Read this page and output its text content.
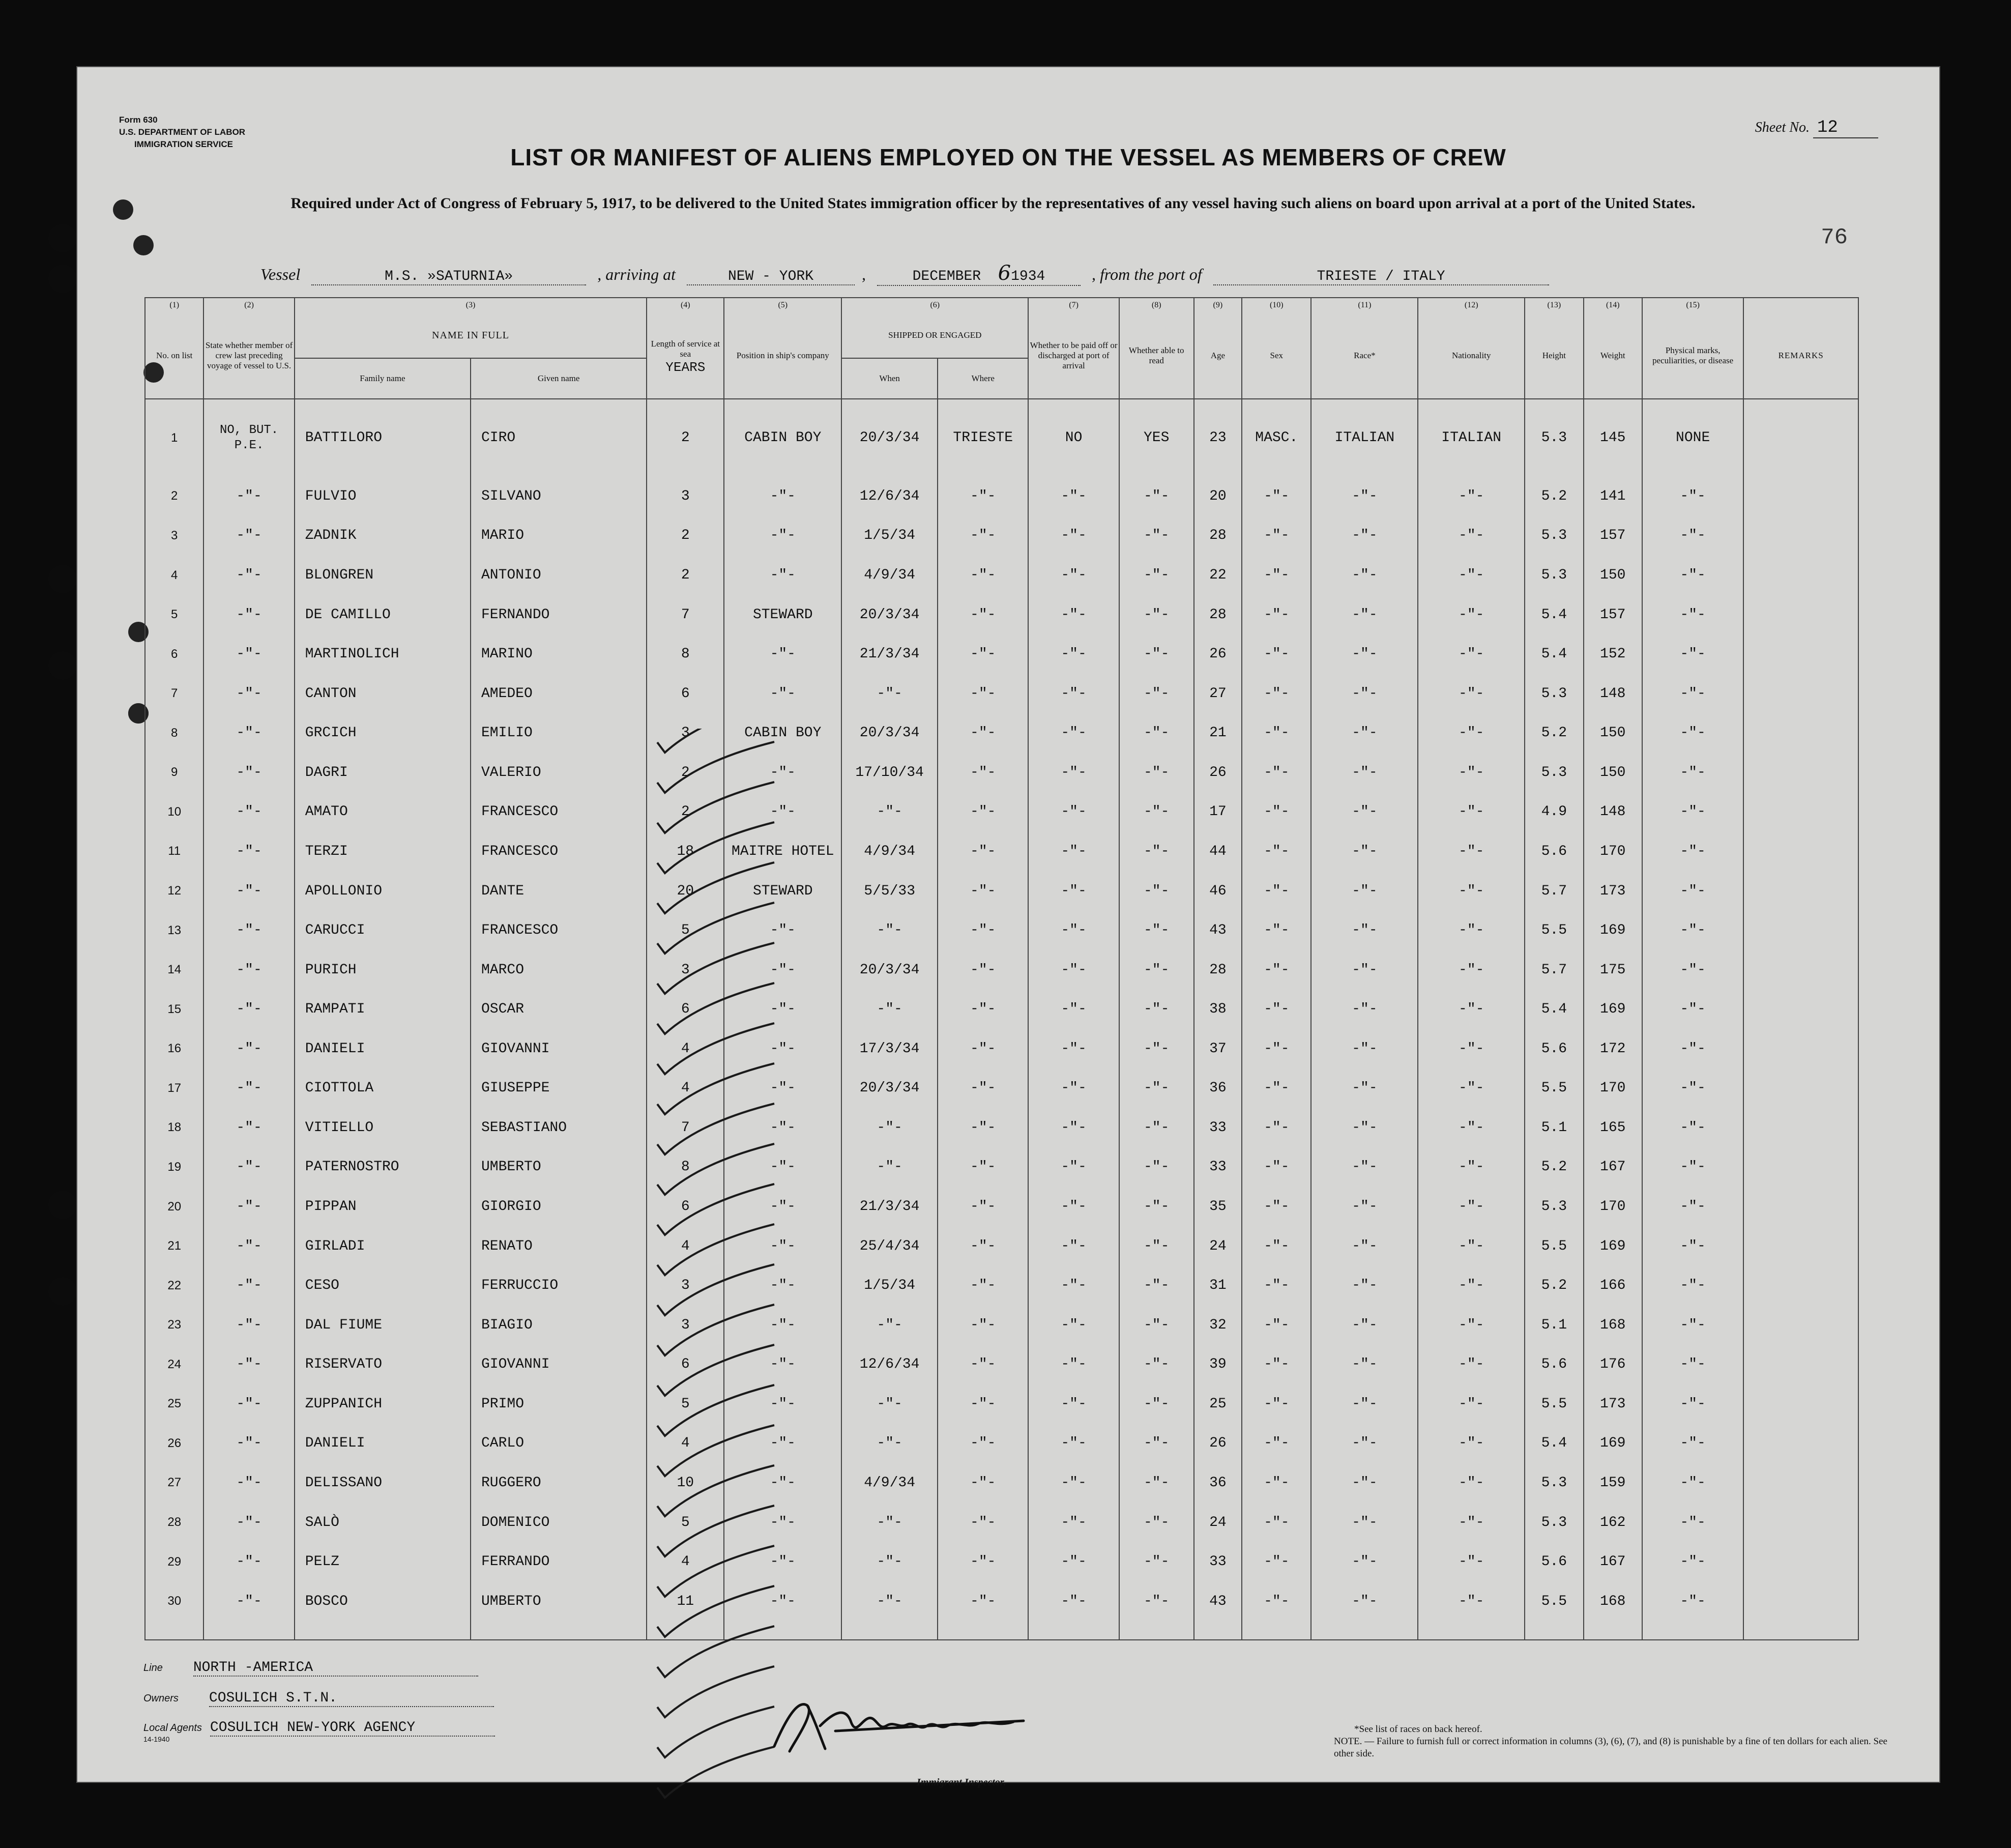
Form 630
U.S. DEPARTMENT OF LABOR
IMMIGRATION SERVICE
Sheet No. 12
LIST OR MANIFEST OF ALIENS EMPLOYED ON THE VESSEL AS MEMBERS OF CREW
Required under Act of Congress of February 5, 1917, to be delivered to the United States immigration officer by the representatives of any vessel having such aliens on board upon arrival at a port of the United States.
76
Vessel	M.S. »SATURNIA»	, arriving at	NEW - YORK	,	DECEMBER 61934	, from the port of	TRIESTE / ITALY
(1)	(2)	(3)		(4)	(5)	(6)		(7)	(8)	(9)	(10)	(11)	(12)	(13)	(14)	(15)	
No. on list	State whether member of crew last preceding voyage of vessel to U.S.	NAME IN FULL		Length of service at sea
YEARS	Position in ship's company	SHIPPED OR ENGAGED		Whether to be paid off or discharged at port of arrival	Whether able to read	Age	Sex	Race*	Nationality	Height	Weight	Physical marks, peculiarities, or disease	REMARKS
		Family name	Given name			When	Where										
1	NO, BUT. P.E.	BATTILORO	CIRO	2	CABIN BOY	20/3/34	TRIESTE	NO	YES	23	MASC.	ITALIAN	ITALIAN	5.3	145	NONE	
2	-"-	FULVIO	SILVANO	3	-"-	12/6/34	-"-	-"-	-"-	20	-"-	-"-	-"-	5.2	141	-"-	
3	-"-	ZADNIK	MARIO	2	-"-	1/5/34	-"-	-"-	-"-	28	-"-	-"-	-"-	5.3	157	-"-	
4	-"-	BLONGREN	ANTONIO	2	-"-	4/9/34	-"-	-"-	-"-	22	-"-	-"-	-"-	5.3	150	-"-	
5	-"-	DE CAMILLO	FERNANDO	7	STEWARD	20/3/34	-"-	-"-	-"-	28	-"-	-"-	-"-	5.4	157	-"-	
6	-"-	MARTINOLICH	MARINO	8	-"-	21/3/34	-"-	-"-	-"-	26	-"-	-"-	-"-	5.4	152	-"-	
7	-"-	CANTON	AMEDEO	6	-"-	-"-	-"-	-"-	-"-	27	-"-	-"-	-"-	5.3	148	-"-	
8	-"-	GRCICH	EMILIO	3	CABIN BOY	20/3/34	-"-	-"-	-"-	21	-"-	-"-	-"-	5.2	150	-"-	
9	-"-	DAGRI	VALERIO	2	-"-	17/10/34	-"-	-"-	-"-	26	-"-	-"-	-"-	5.3	150	-"-	
10	-"-	AMATO	FRANCESCO	2	-"-	-"-	-"-	-"-	-"-	17	-"-	-"-	-"-	4.9	148	-"-	
11	-"-	TERZI	FRANCESCO	18	MAITRE HOTEL	4/9/34	-"-	-"-	-"-	44	-"-	-"-	-"-	5.6	170	-"-	
12	-"-	APOLLONIO	DANTE	20	STEWARD	5/5/33	-"-	-"-	-"-	46	-"-	-"-	-"-	5.7	173	-"-	
13	-"-	CARUCCI	FRANCESCO	5	-"-	-"-	-"-	-"-	-"-	43	-"-	-"-	-"-	5.5	169	-"-	
14	-"-	PURICH	MARCO	3	-"-	20/3/34	-"-	-"-	-"-	28	-"-	-"-	-"-	5.7	175	-"-	
15	-"-	RAMPATI	OSCAR	6	-"-	-"-	-"-	-"-	-"-	38	-"-	-"-	-"-	5.4	169	-"-	
16	-"-	DANIELI	GIOVANNI	4	-"-	17/3/34	-"-	-"-	-"-	37	-"-	-"-	-"-	5.6	172	-"-	
17	-"-	CIOTTOLA	GIUSEPPE	4	-"-	20/3/34	-"-	-"-	-"-	36	-"-	-"-	-"-	5.5	170	-"-	
18	-"-	VITIELLO	SEBASTIANO	7	-"-	-"-	-"-	-"-	-"-	33	-"-	-"-	-"-	5.1	165	-"-	
19	-"-	PATERNOSTRO	UMBERTO	8	-"-	-"-	-"-	-"-	-"-	33	-"-	-"-	-"-	5.2	167	-"-	
20	-"-	PIPPAN	GIORGIO	6	-"-	21/3/34	-"-	-"-	-"-	35	-"-	-"-	-"-	5.3	170	-"-	
21	-"-	GIRLADI	RENATO	4	-"-	25/4/34	-"-	-"-	-"-	24	-"-	-"-	-"-	5.5	169	-"-	
22	-"-	CESO	FERRUCCIO	3	-"-	1/5/34	-"-	-"-	-"-	31	-"-	-"-	-"-	5.2	166	-"-	
23	-"-	DAL FIUME	BIAGIO	3	-"-	-"-	-"-	-"-	-"-	32	-"-	-"-	-"-	5.1	168	-"-	
24	-"-	RISERVATO	GIOVANNI	6	-"-	12/6/34	-"-	-"-	-"-	39	-"-	-"-	-"-	5.6	176	-"-	
25	-"-	ZUPPANICH	PRIMO	5	-"-	-"-	-"-	-"-	-"-	25	-"-	-"-	-"-	5.5	173	-"-	
26	-"-	DANIELI	CARLO	4	-"-	-"-	-"-	-"-	-"-	26	-"-	-"-	-"-	5.4	169	-"-	
27	-"-	DELISSANO	RUGGERO	10	-"-	4/9/34	-"-	-"-	-"-	36	-"-	-"-	-"-	5.3	159	-"-	
28	-"-	SALÒ	DOMENICO	5	-"-	-"-	-"-	-"-	-"-	24	-"-	-"-	-"-	5.3	162	-"-	
29	-"-	PELZ	FERRANDO	4	-"-	-"-	-"-	-"-	-"-	33	-"-	-"-	-"-	5.6	167	-"-	
30	-"-	BOSCO	UMBERTO	11	-"-	-"-	-"-	-"-	-"-	43	-"-	-"-	-"-	5.5	168	-"-	

Line NORTH -AMERICA
Owners COSULICH S.T.N.
Local Agents COSULICH NEW-YORK AGENCY
14-1940
Immigrant Inspector.
*See list of races on back hereof.
NOTE. — Failure to furnish full or correct information in columns (3), (6), (7), and (8) is punishable by a fine of ten dollars for each alien. See other side.
